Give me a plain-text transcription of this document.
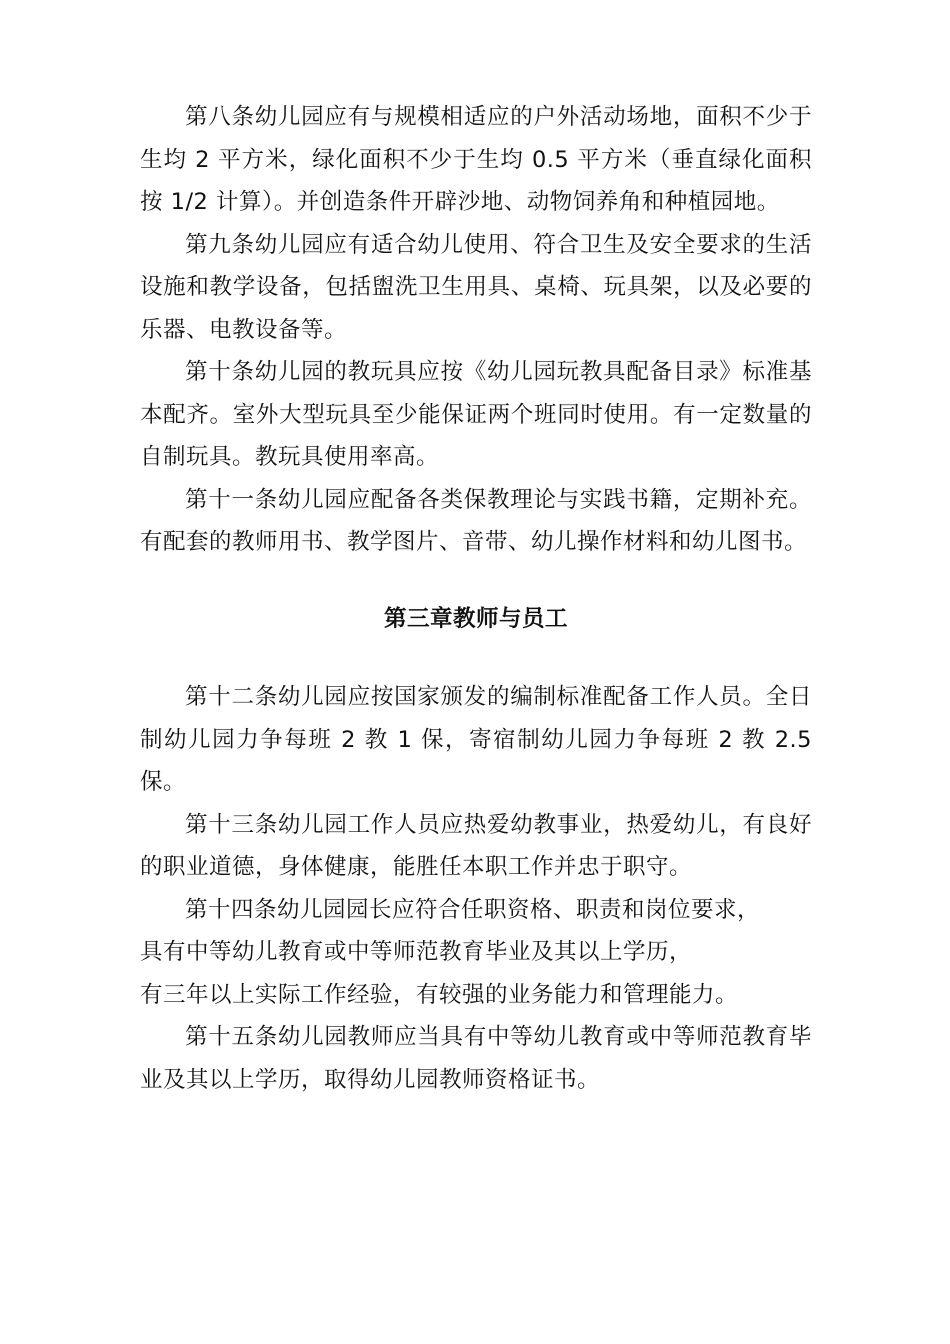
第八条幼儿园应有与规模相适应的户外活动场地，面积不少于生均 2 平方米，绿化面积不少于生均 0.5 平方米（垂直绿化面积按 1/2 计算）。并创造条件开辟沙地、动物饲养角和种植园地。

第九条幼儿园应有适合幼儿使用、符合卫生及安全要求的生活设施和教学设备，包括盥洗卫生用具、桌椅、玩具架，以及必要的乐器、电教设备等。

第十条幼儿园的教玩具应按《幼儿园玩教具配备目录》标准基本配齐。室外大型玩具至少能保证两个班同时使用。有一定数量的自制玩具。教玩具使用率高。

第十一条幼儿园应配备各类保教理论与实践书籍，定期补充。有配套的教师用书、教学图片、音带、幼儿操作材料和幼儿图书。

第三章教师与员工

第十二条幼儿园应按国家颁发的编制标准配备工作人员。全日制幼儿园力争每班 2 教 1 保，寄宿制幼儿园力争每班 2 教 2.5 保。

第十三条幼儿园工作人员应热爱幼教事业，热爱幼儿，有良好的职业道德，身体健康，能胜任本职工作并忠于职守。

第十四条幼儿园园长应符合任职资格、职责和岗位要求，
具有中等幼儿教育或中等师范教育毕业及其以上学历，
有三年以上实际工作经验，有较强的业务能力和管理能力。

第十五条幼儿园教师应当具有中等幼儿教育或中等师范教育毕业及其以上学历，取得幼儿园教师资格证书。
